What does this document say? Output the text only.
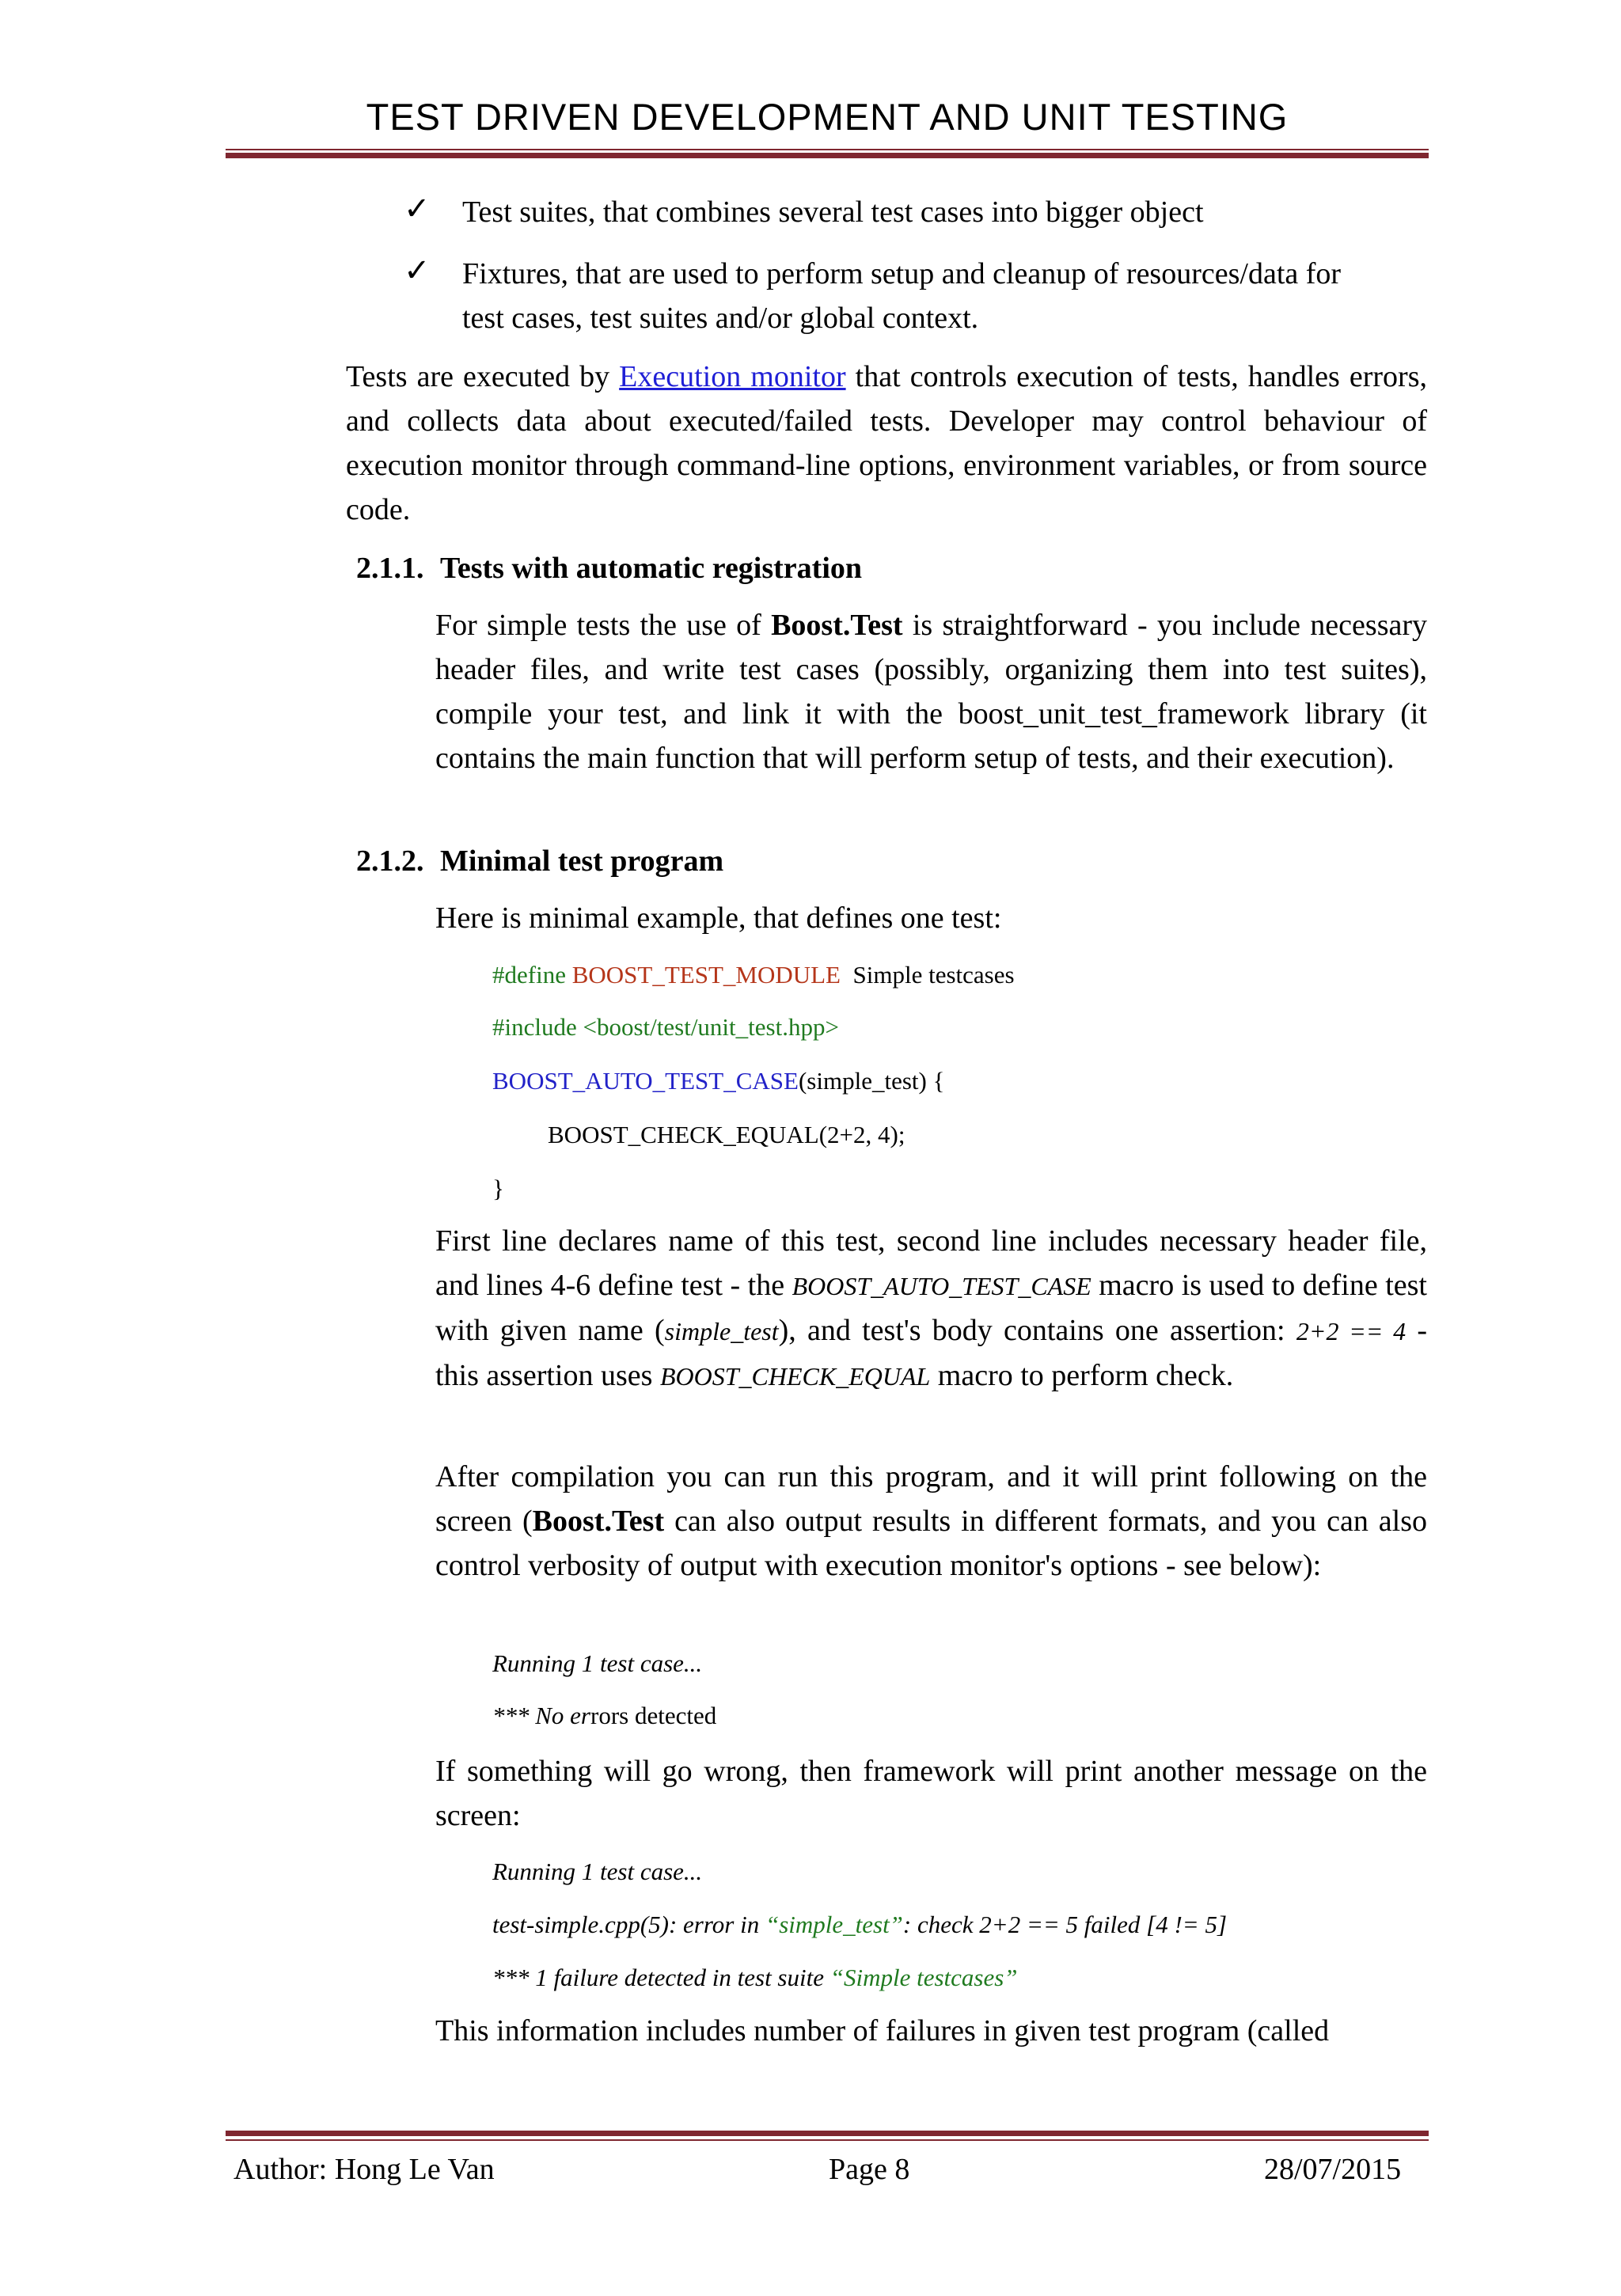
TEST DRIVEN DEVELOPMENT AND UNIT TESTING
✓ Test suites, that combines several test cases into bigger object
✓ Fixtures, that are used to perform setup and cleanup of resources/data for
test cases, test suites and/or global context.
Tests are executed by Execution monitor that controls execution of tests, handles errors, and collects data about executed/failed tests. Developer may control behaviour of execution monitor through command-line options, environment variables, or from source code.
2.1.1. Tests with automatic registration
For simple tests the use of Boost.Test is straightforward - you include necessary header files, and write test cases (possibly, organizing them into test suites), compile your test, and link it with the boost_unit_test_framework library (it contains the main function that will perform setup of tests, and their execution).
2.1.2. Minimal test program
Here is minimal example, that defines one test:
#define BOOST_TEST_MODULE  Simple testcases
#include <boost/test/unit_test.hpp>
BOOST_AUTO_TEST_CASE(simple_test) {
BOOST_CHECK_EQUAL(2+2, 4);
}
First line declares name of this test, second line includes necessary header file, and lines 4-6 define test - the BOOST_AUTO_TEST_CASE macro is used to define test with given name (simple_test), and test's body contains one assertion: 2+2 == 4 - this assertion uses BOOST_CHECK_EQUAL macro to perform check.
After compilation you can run this program, and it will print following on the screen (Boost.Test can also output results in different formats, and you can also control verbosity of output with execution monitor's options - see below):
Running 1 test case...
*** No errors detected
If something will go wrong, then framework will print another message on the screen:
Running 1 test case...
test-simple.cpp(5): error in “simple_test”: check 2+2 == 5 failed [4 != 5]
*** 1 failure detected in test suite “Simple testcases”
This information includes number of failures in given test program (called
Author: Hong Le Van	Page 8	28/07/2015
